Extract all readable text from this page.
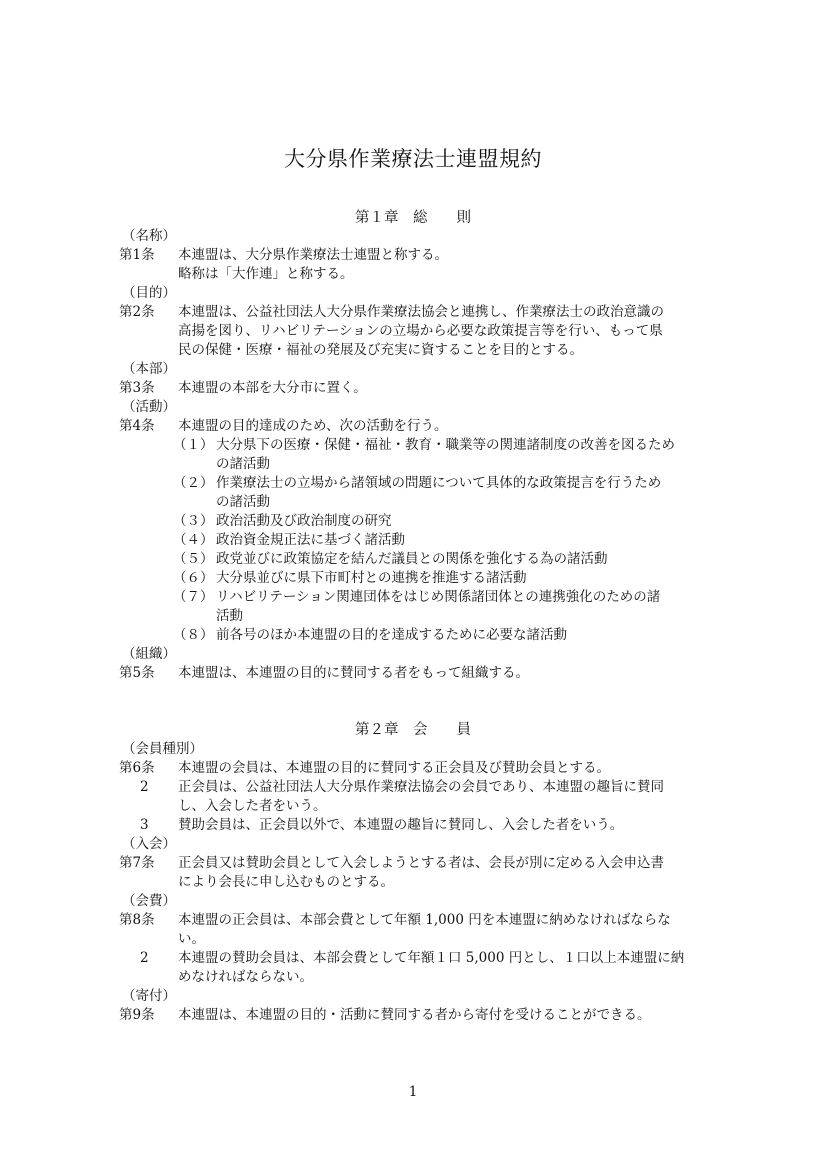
大分県作業療法士連盟規約
第１章　総　　則
（名称）
第1条 本連盟は、大分県作業療法士連盟と称する。
略称は「大作連」と称する。
（目的）
第2条 本連盟は、公益社団法人大分県作業療法協会と連携し、作業療法士の政治意識の
高揚を図り、リハビリテーションの立場から必要な政策提言等を行い、もって県
民の保健・医療・福祉の発展及び充実に資することを目的とする。
（本部）
第3条 本連盟の本部を大分市に置く。
（活動）
第4条 本連盟の目的達成のため、次の活動を行う。
（１） 大分県下の医療・保健・福祉・教育・職業等の関連諸制度の改善を図るため
の諸活動
（２） 作業療法士の立場から諸領域の問題について具体的な政策提言を行うため
の諸活動
（３） 政治活動及び政治制度の研究
（４） 政治資金規正法に基づく諸活動
（５） 政党並びに政策協定を結んだ議員との関係を強化する為の諸活動
（６） 大分県並びに県下市町村との連携を推進する諸活動
（７） リハビリテーション関連団体をはじめ関係諸団体との連携強化のための諸
活動
（８） 前各号のほか本連盟の目的を達成するために必要な諸活動
（組織）
第5条 本連盟は、本連盟の目的に賛同する者をもって組織する。
第２章　会　　員
（会員種別）
第6条 本連盟の会員は、本連盟の目的に賛同する正会員及び賛助会員とする。
2 正会員は、公益社団法人大分県作業療法協会の会員であり、本連盟の趣旨に賛同
し、入会した者をいう。
3 賛助会員は、正会員以外で、本連盟の趣旨に賛同し、入会した者をいう。
（入会）
第7条 正会員又は賛助会員として入会しようとする者は、会長が別に定める入会申込書
により会長に申し込むものとする。
（会費）
第8条 本連盟の正会員は、本部会費として年額 1,000 円を本連盟に納めなければならな
い。
2 本連盟の賛助会員は、本部会費として年額１口 5,000 円とし、１口以上本連盟に納
めなければならない。
（寄付）
第9条 本連盟は、本連盟の目的・活動に賛同する者から寄付を受けることができる。
1
